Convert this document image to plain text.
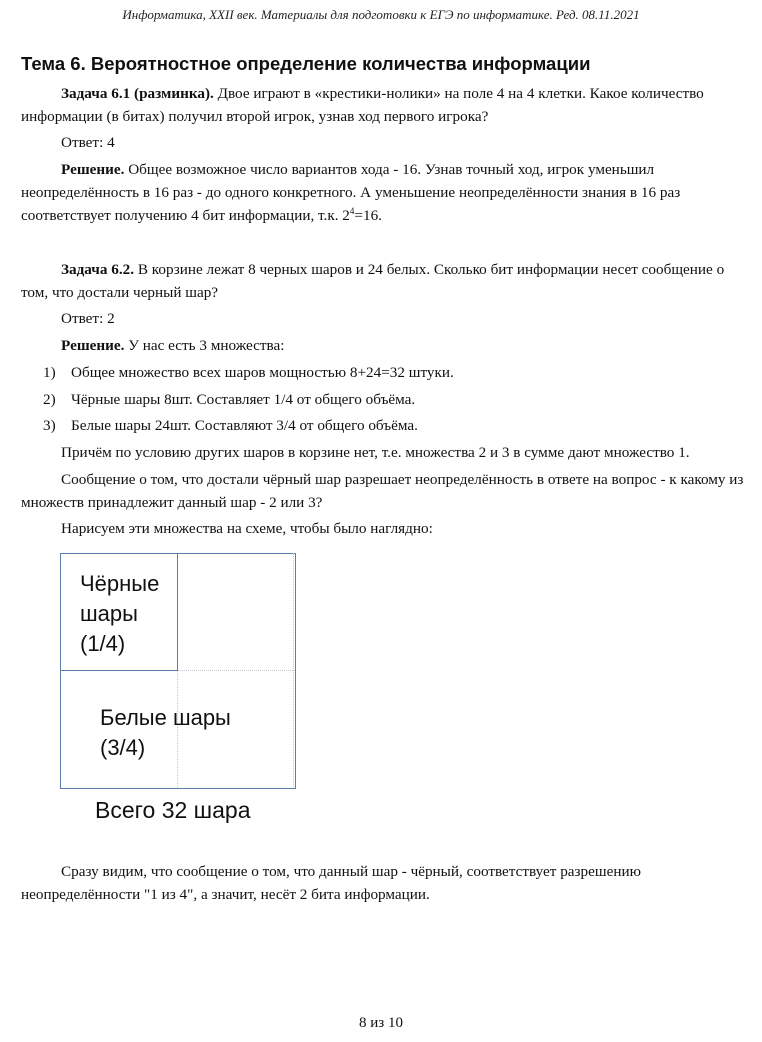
Информатика, XXII век. Материалы для подготовки к ЕГЭ по информатике. Ред. 08.11.2021
Тема 6. Вероятностное определение количества информации
Задача 6.1 (разминка). Двое играют в «крестики-нолики» на поле 4 на 4 клетки. Какое количество информации (в битах) получил второй игрок, узнав ход первого игрока?
Ответ: 4
Решение. Общее возможное число вариантов хода - 16. Узнав точный ход, игрок уменьшил неопределённость в 16 раз - до одного конкретного. А уменьшение неопределённости знания в 16 раз соответствует получению 4 бит информации, т.к. $2^4=16$.
Задача 6.2. В корзине лежат 8 черных шаров и 24 белых. Сколько бит информации несет сообщение о том, что достали черный шар?
Ответ: 2
Решение. У нас есть 3 множества:
1) Общее множество всех шаров мощностью 8+24=32 штуки.
2) Чёрные шары 8шт. Составляет 1/4 от общего объёма.
3) Белые шары 24шт. Составляют 3/4 от общего объёма.
Причём по условию других шаров в корзине нет, т.е. множества 2 и 3 в сумме дают множество 1.
Сообщение о том, что достали чёрный шар разрешает неопределённость в ответе на вопрос - к какому из множеств принадлежит данный шар - 2 или 3?
Нарисуем эти множества на схеме, чтобы было наглядно:
Чёрные
шары
(1/4)
Белые шары
(3/4)
Всего 32 шара
Сразу видим, что сообщение о том, что данный шар - чёрный, соответствует разрешению неопределённости "1 из 4", а значит, несёт 2 бита информации.
8 из 10
